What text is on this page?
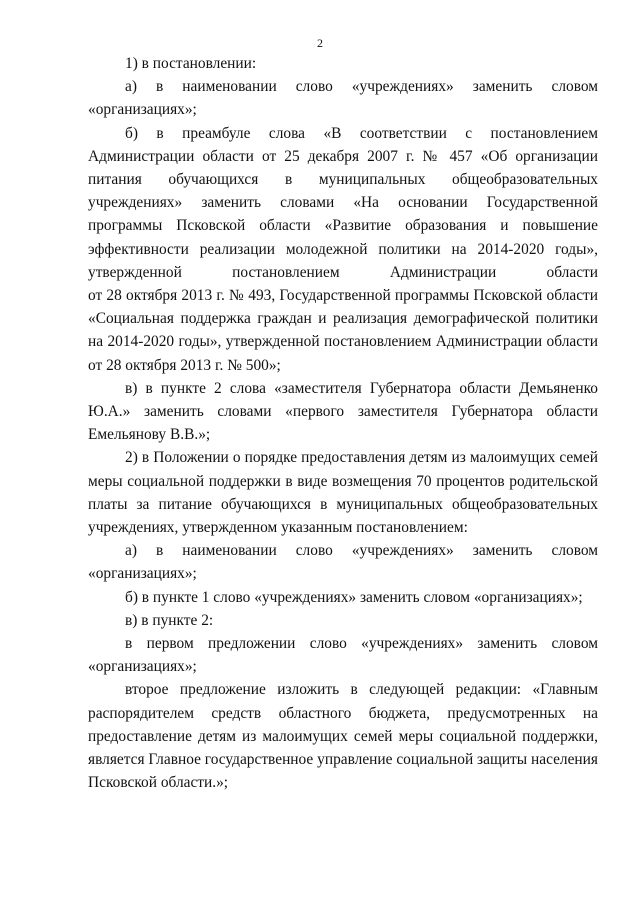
2

1) в постановлении:

а) в наименовании слово «учреждениях» заменить словом «организациях»;

б) в преамбуле слова «В соответствии с постановлением Администрации области от 25 декабря 2007 г. № 457 «Об организации питания обучающихся в муниципальных общеобразовательных учреждениях» заменить словами «На основании Государственной программы Псковской области «Развитие образования и повышение эффективности реализации молодежной политики на 2014-2020 годы», утвержденной постановлением Администрации области

от 28 октября 2013 г. № 493, Государственной программы Псковской области «Социальная поддержка граждан и реализация демографической политики на 2014-2020 годы», утвержденной постановлением Администрации области от 28 октября 2013 г. № 500»;

в) в пункте 2 слова «заместителя Губернатора области Демьяненко Ю.А.» заменить словами «первого заместителя Губернатора области Емельянову В.В.»;

2) в Положении о порядке предоставления детям из малоимущих семей меры социальной поддержки в виде возмещения 70 процентов родительской платы за питание обучающихся в муниципальных общеобразовательных учреждениях, утвержденном указанным постановлением:

а) в наименовании слово «учреждениях» заменить словом «организациях»;

б) в пункте 1 слово «учреждениях» заменить словом «организациях»;

в) в пункте 2:

в первом предложении слово «учреждениях» заменить словом «организациях»;

второе предложение изложить в следующей редакции: «Главным распорядителем средств областного бюджета, предусмотренных на предоставление детям из малоимущих семей меры социальной поддержки, является Главное государственное управление социальной защиты населения Псковской области.»;
